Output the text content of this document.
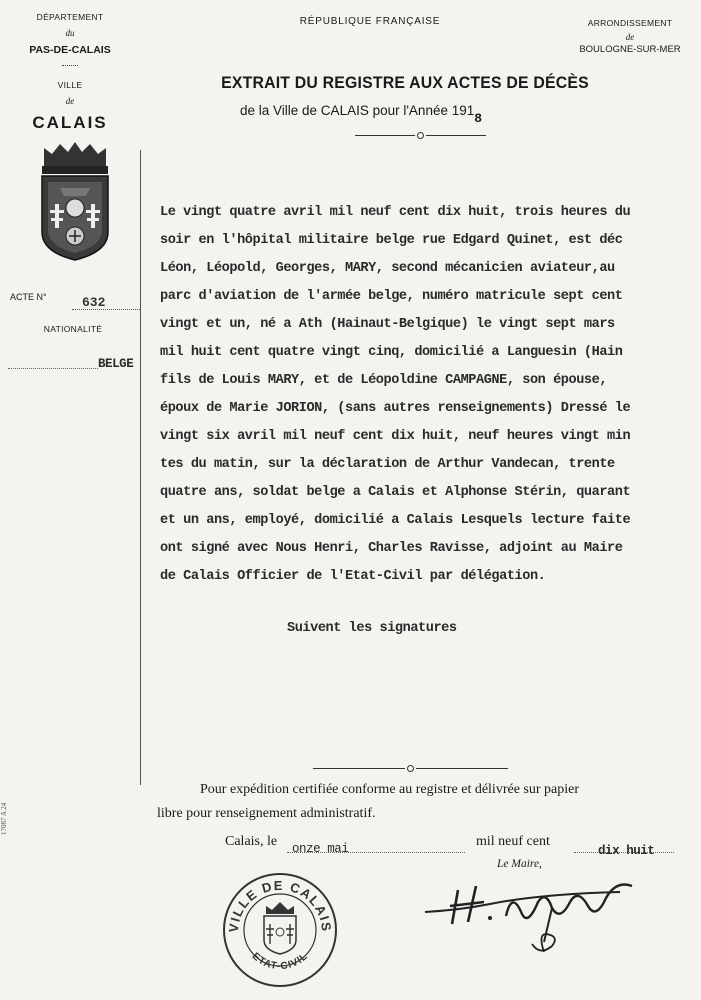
DÉPARTEMENT
du
PAS-DE-CALAIS
VILLE
de
CALAIS
ACTE N°	632
NATIONALITÉ
BELGE
17087 A 24
RÉPUBLIQUE FRANÇAISE
EXTRAIT DU REGISTRE AUX ACTES DE DÉCÈS
de la Ville de CALAIS pour l'Année 1918
ARRONDISSEMENT
de
BOULOGNE-SUR-MER
Le vingt quatre avril mil neuf cent dix huit, trois heures du
soir en l'hôpital militaire belge rue Edgard Quinet, est déc
Léon, Léopold, Georges, MARY, second mécanicien aviateur,au
parc d'aviation de l'armée belge, numéro matricule sept cent
vingt et un, né a Ath (Hainaut-Belgique) le vingt sept mars
mil huit cent quatre vingt cinq, domicilié a Languesin (Hain
fils de Louis MARY, et de Léopoldine CAMPAGNE, son épouse,
époux de Marie JORION, (sans autres renseignements) Dressé le
vingt six avril mil neuf cent dix huit, neuf heures vingt min
tes du matin, sur la déclaration de Arthur Vandecan, trente
quatre ans, soldat belge a Calais et Alphonse Stérin, quarant
et un ans, employé, domicilié a Calais Lesquels lecture faite
ont signé avec Nous Henri, Charles Ravisse, adjoint au Maire
de Calais Officier de l'Etat-Civil par délégation.
Suivent les signatures
Pour expédition certifiée conforme au registre et délivrée sur papier
libre pour renseignement administratif.
Calais, le onze mai	mil neuf cent
dix huit
Le Maire,
VILLE DE CALAIS
ETAT-CIVIL
